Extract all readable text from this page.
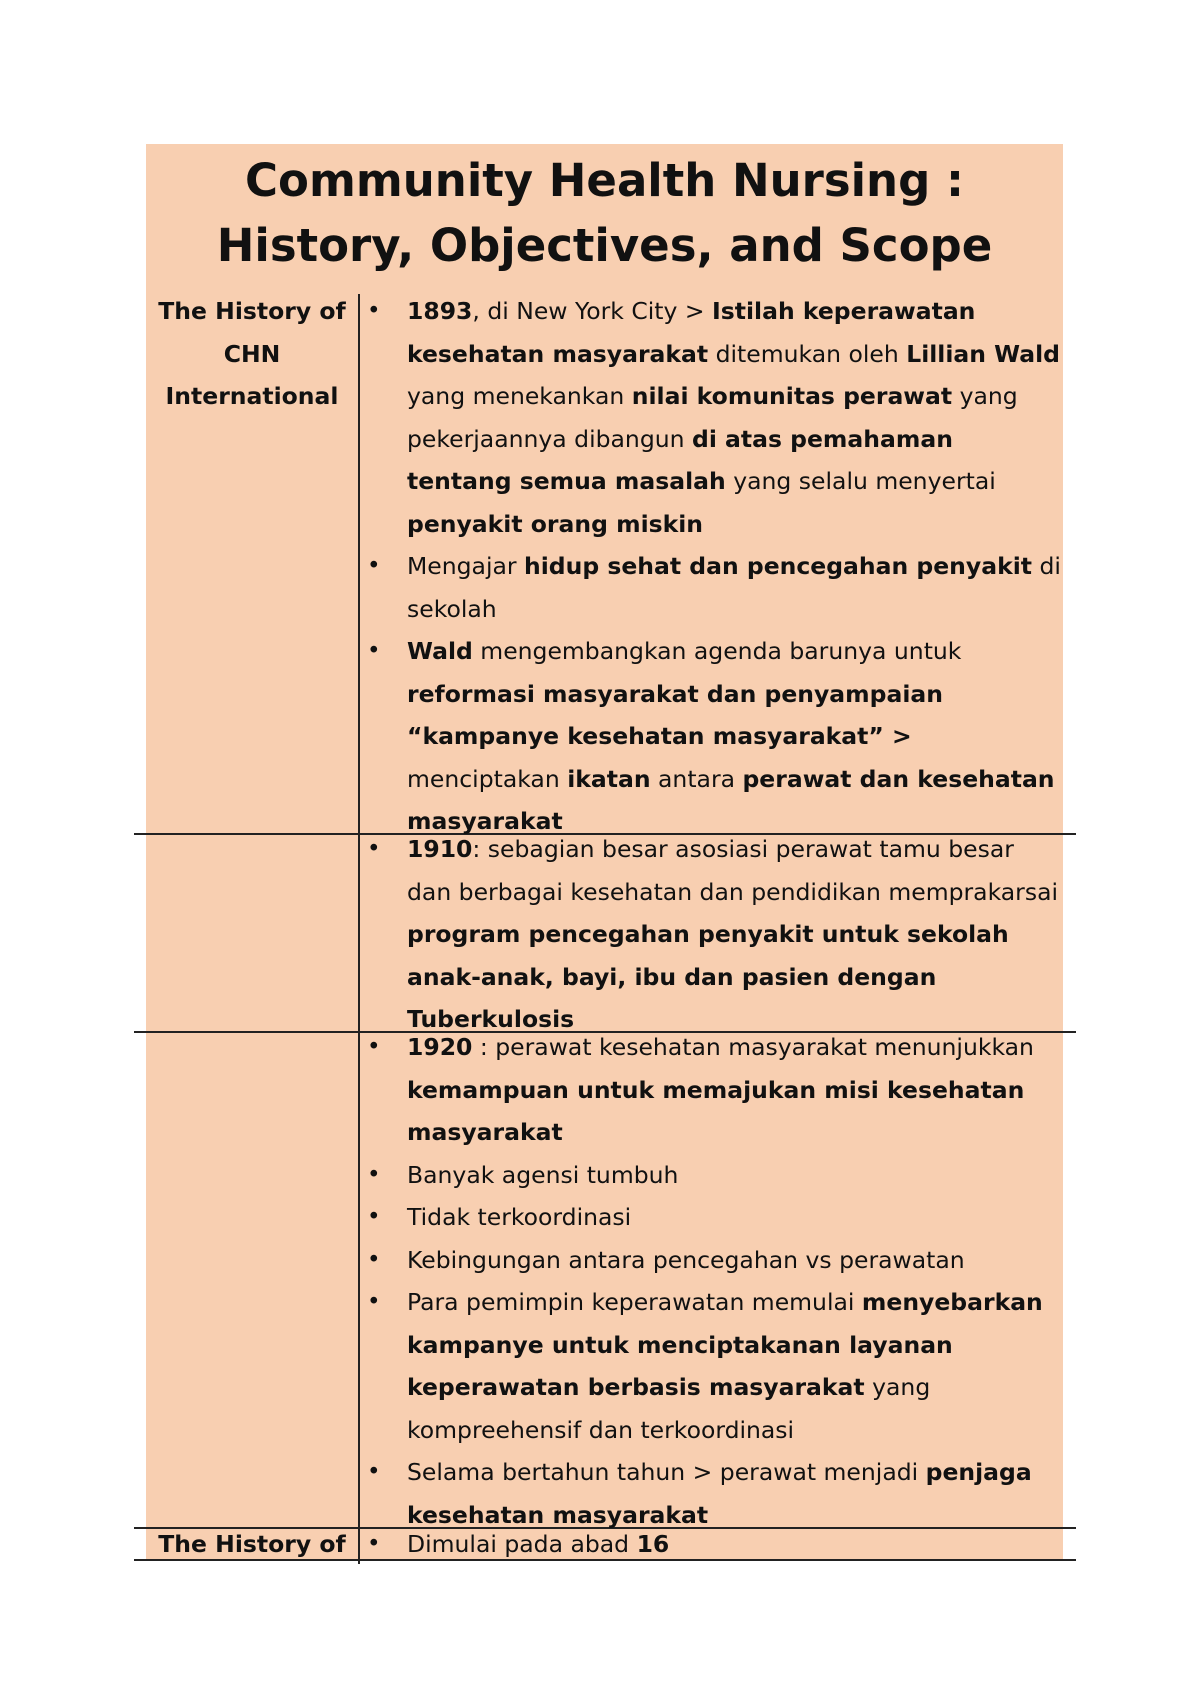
Community Health Nursing :
History, Objectives, and Scope
The History of
CHN
International
The History of
• 1893, di New York City > Istilah keperawatan kesehatan masyarakat ditemukan oleh Lillian Wald yang menekankan nilai komunitas perawat yang pekerjaannya dibangun di atas pemahaman tentang semua masalah yang selalu menyertai penyakit orang miskin
• Mengajar hidup sehat dan pencegahan penyakit di sekolah
• Wald mengembangkan agenda barunya untuk reformasi masyarakat dan penyampaian “kampanye kesehatan masyarakat” > menciptakan ikatan antara perawat dan kesehatan masyarakat
• 1910: sebagian besar asosiasi perawat tamu besar dan berbagai kesehatan dan pendidikan memprakarsai program pencegahan penyakit untuk sekolah anak-anak, bayi, ibu dan pasien dengan Tuberkulosis
• 1920 : perawat kesehatan masyarakat menunjukkan kemampuan untuk memajukan misi kesehatan masyarakat
• Banyak agensi tumbuh
• Tidak terkoordinasi
• Kebingungan antara pencegahan vs perawatan
• Para pemimpin keperawatan memulai menyebarkan kampanye untuk menciptakanan layanan keperawatan berbasis masyarakat yang kompreehensif dan terkoordinasi
• Selama bertahun tahun > perawat menjadi penjaga kesehatan masyarakat
• Dimulai pada abad 16
